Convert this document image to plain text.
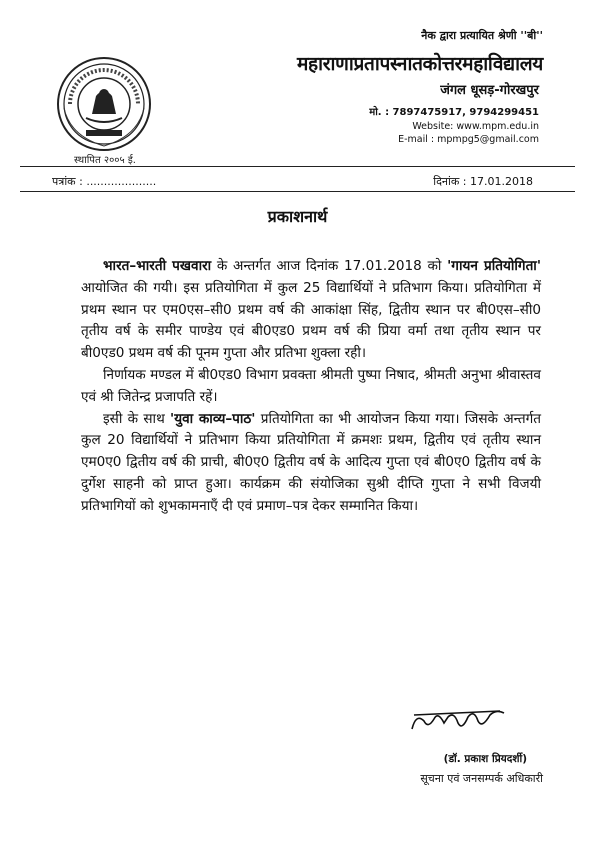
स्थापित २००५ ई.
नैक द्वारा प्रत्यायित श्रेणी ''बी''
महाराणाप्रतापस्नातकोत्तरमहाविद्यालय
जंगल धूसड़-गोरखपुर
मो. : 7897475917, 9794299451
Website: www.mpm.edu.in
E-mail : mpmpg5@gmail.com
पत्रांक : ....................	दिनांक : 17.01.2018
प्रकाशनार्थ

भारत–भारती पखवारा के अन्तर्गत आज दिनांक 17.01.2018 को 'गायन प्रतियोगिता' आयोजित की गयी। इस प्रतियोगिता में कुल 25 विद्यार्थियों ने प्रतिभाग किया। प्रतियोगिता में प्रथम स्थान पर एम0एस–सी0 प्रथम वर्ष की आकांक्षा सिंह, द्वितीय स्थान पर बी0एस–सी0 तृतीय वर्ष के समीर पाण्डेय एवं बी0एड0 प्रथम वर्ष की प्रिया वर्मा तथा तृतीय स्थान पर बी0एड0 प्रथम वर्ष की पूनम गुप्ता और प्रतिभा शुक्ला रही।

निर्णायक मण्डल में बी0एड0 विभाग प्रवक्ता श्रीमती पुष्पा निषाद, श्रीमती अनुभा श्रीवास्तव एवं श्री जितेन्द्र प्रजापति रहें।

इसी के साथ 'युवा काव्य–पाठ' प्रतियोगिता का भी आयोजन किया गया। जिसके अन्तर्गत कुल 20 विद्यार्थियों ने प्रतिभाग किया प्रतियोगिता में क्रमशः प्रथम, द्वितीय एवं तृतीय स्थान एम0ए0 द्वितीय वर्ष की प्राची, बी0ए0 द्वितीय वर्ष के आदित्य गुप्ता एवं बी0ए0 द्वितीय वर्ष के दुर्गेश साहनी को प्राप्त हुआ। कार्यक्रम की संयोजिका सुश्री दीप्ति गुप्ता ने सभी विजयी प्रतिभागियों को शुभकामनाएँ दी एवं प्रमाण–पत्र देकर सम्मानित किया।

(डॉ. प्रकाश प्रियदर्शी)
सूचना एवं जनसम्पर्क अधिकारी
